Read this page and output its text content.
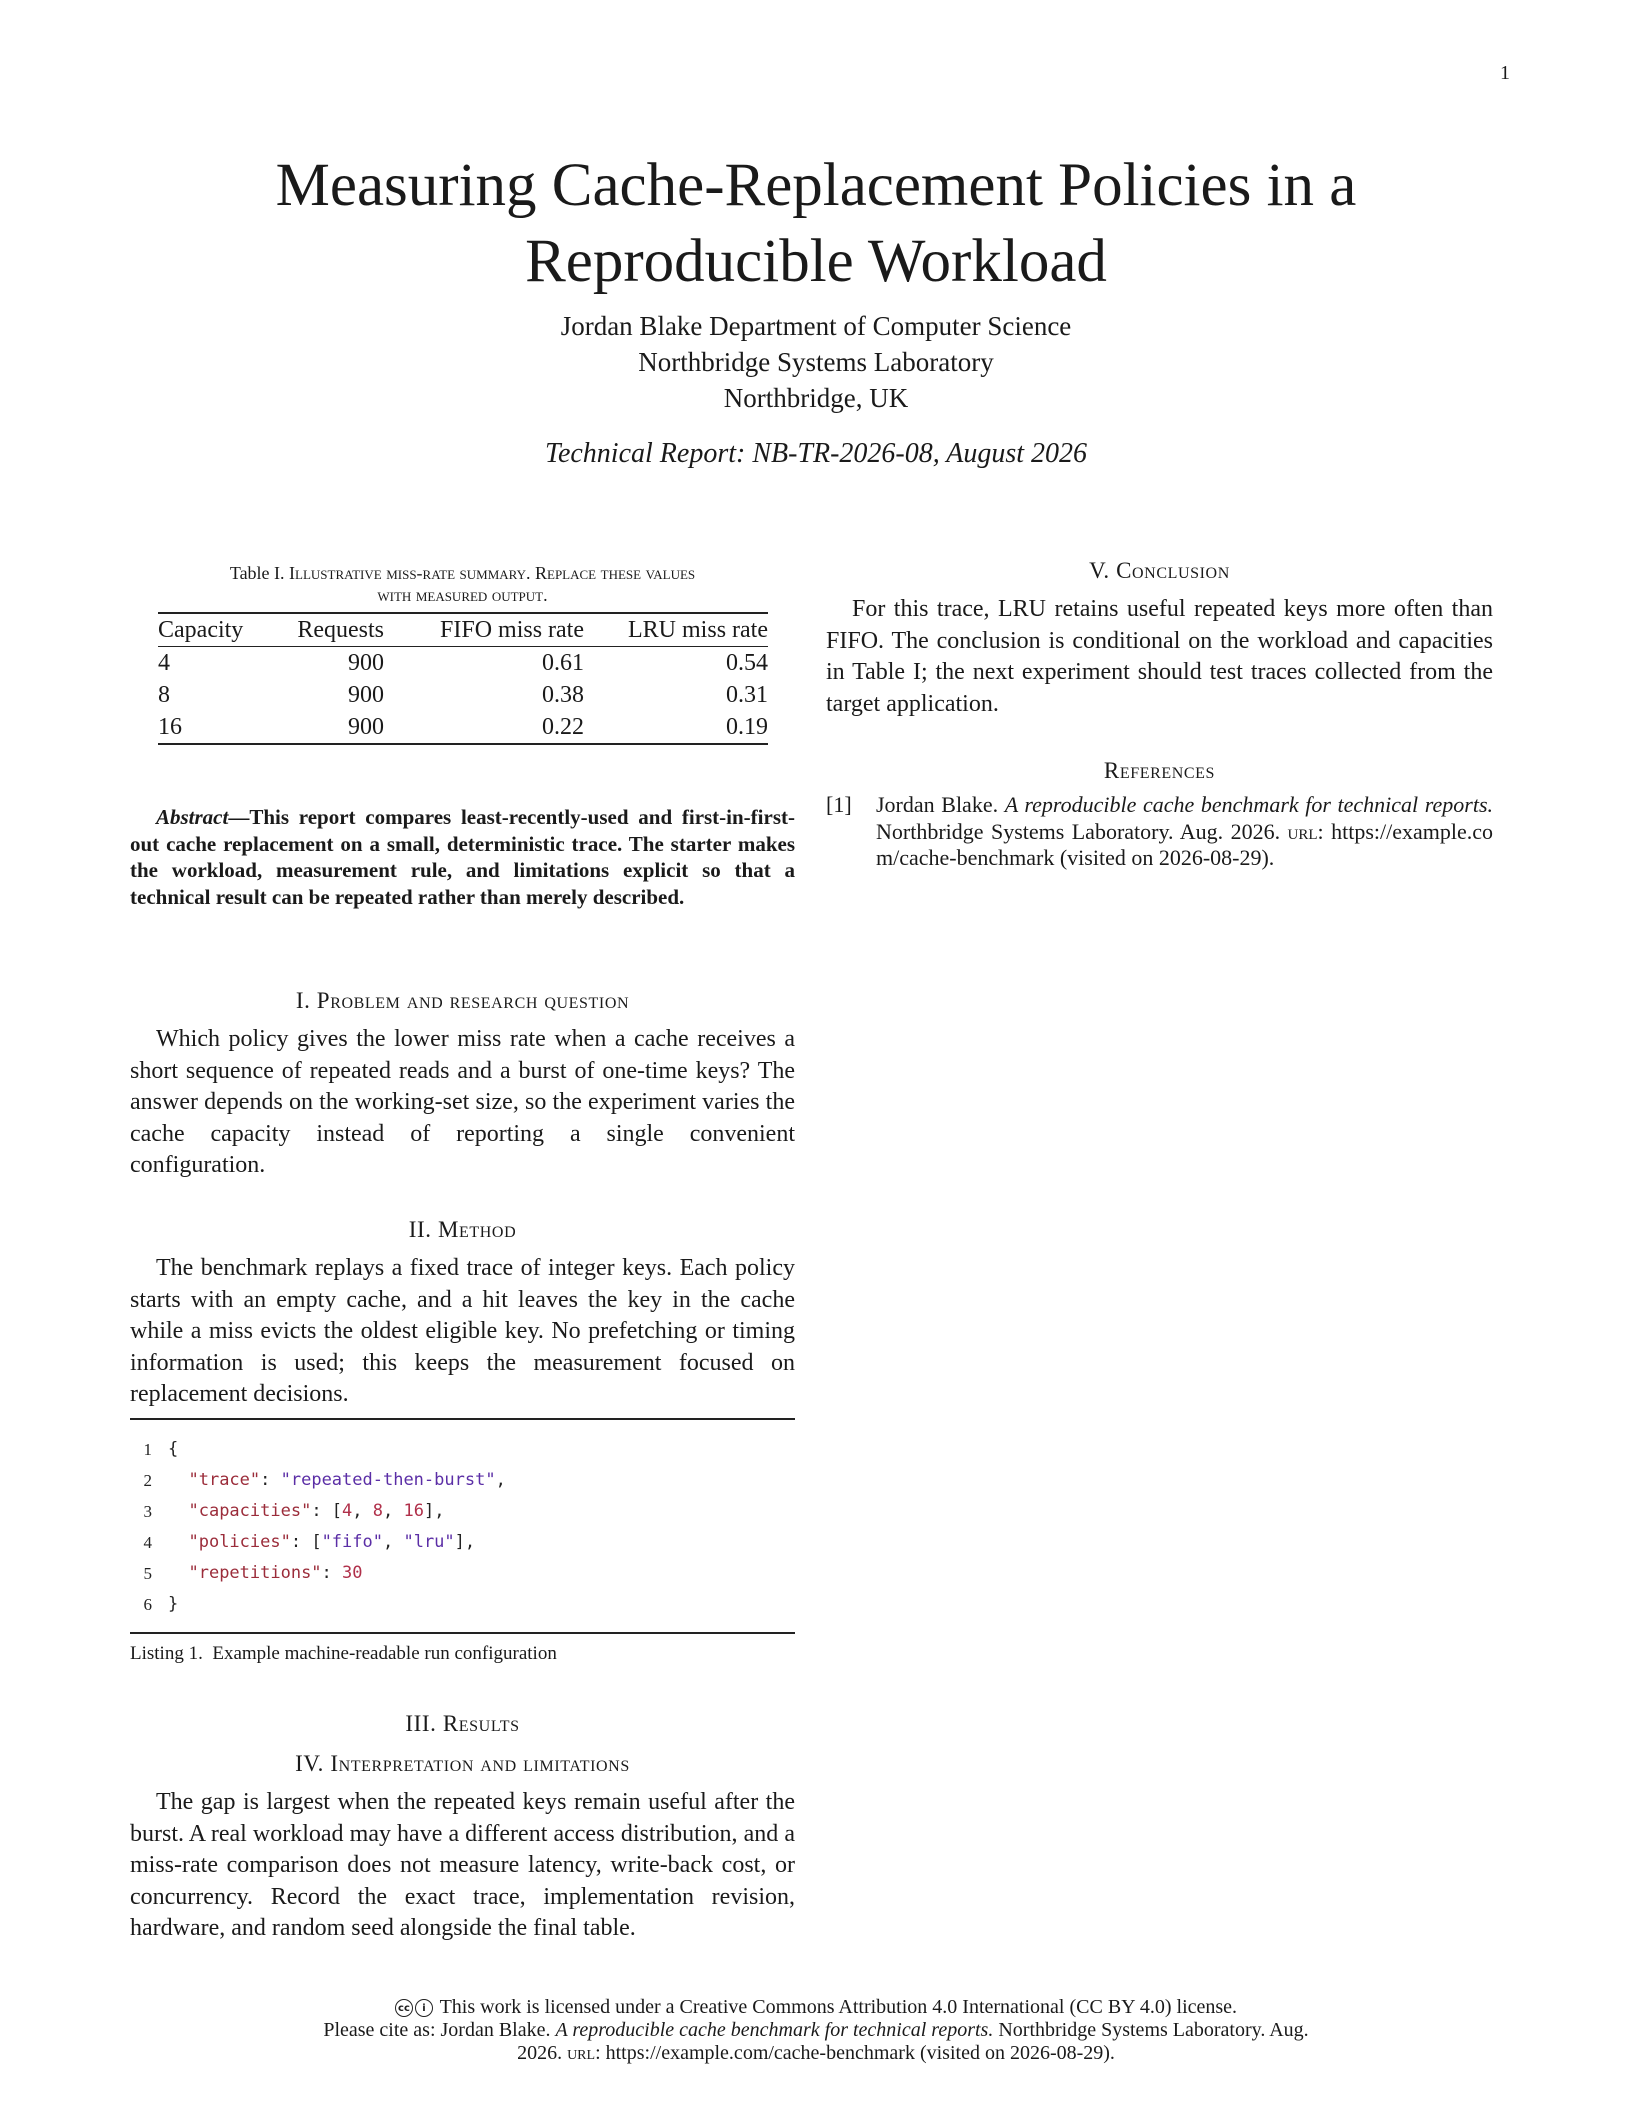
1
Measuring Cache-Replacement Policies in a
Reproducible Workload
Jordan Blake Department of Computer Science
Northbridge Systems Laboratory
Northbridge, UK
Technical Report: NB-TR-2026-08, August 2026
Table I. Illustrative miss-rate summary. Replace these values
with measured output.
Capacity	Requests	FIFO miss rate	LRU miss rate
4	900	0.61	0.54
8	900	0.38	0.31
16	900	0.22	0.19
Abstract—This report compares least-recently-used and first-in-first-out cache replacement on a small, deterministic trace. The starter makes the workload, measurement rule, and limitations explicit so that a technical result can be repeated rather than merely described.
I. Problem and research question
Which policy gives the lower miss rate when a cache receives a short sequence of repeated reads and a burst of one-time keys? The answer depends on the working-set size, so the experiment varies the cache capacity instead of reporting a single convenient configuration.
II. Method
The benchmark replays a fixed trace of integer keys. Each policy starts with an empty cache, and a hit leaves the key in the cache while a miss evicts the oldest eligible key. No prefetching or timing information is used; this keeps the measurement focused on replacement decisions.
1 {
2	"trace": "repeated-then-burst",
3	"capacities": [4, 8, 16],
4	"policies": ["fifo", "lru"],
5	"repetitions": 30
6 }
Listing 1.  Example machine-readable run configuration
III. Results
IV. Interpretation and limitations
The gap is largest when the repeated keys remain useful after the burst. A real workload may have a different access distribution, and a miss-rate comparison does not measure latency, write-back cost, or concurrency. Record the exact trace, implementation revision, hardware, and random seed alongside the final table.
V. Conclusion
For this trace, LRU retains useful repeated keys more often than FIFO. The conclusion is conditional on the workload and capacities in Table I; the next experiment should test traces collected from the target application.
References
[1] Jordan Blake. A reproducible cache benchmark for technical reports. Northbridge Systems Laboratory. Aug. 2026. url: https://example.com/cache-benchmark (visited on 2026-08-29).
cc i This work is licensed under a Creative Commons Attribution 4.0 International (CC BY 4.0) license.
Please cite as: Jordan Blake. A reproducible cache benchmark for technical reports. Northbridge Systems Laboratory. Aug.
2026. url: https://example.com/cache-benchmark (visited on 2026-08-29).
